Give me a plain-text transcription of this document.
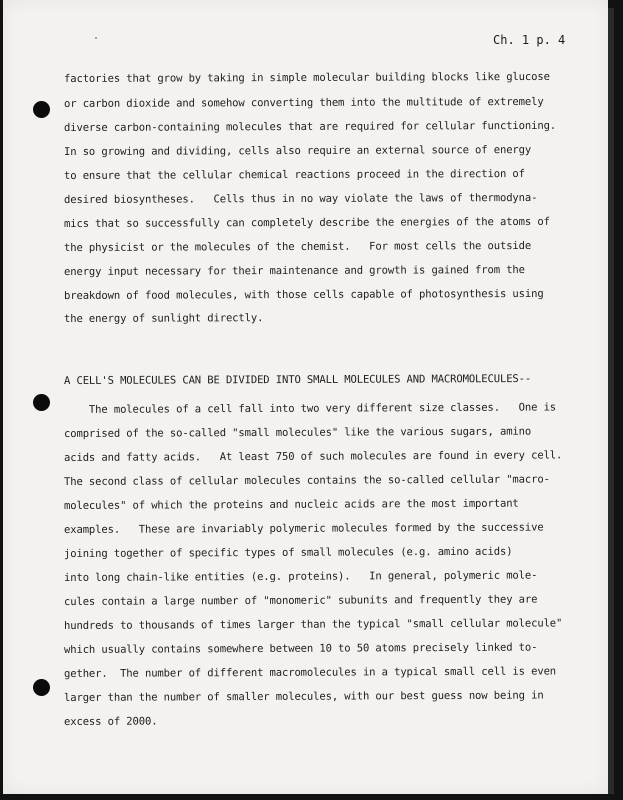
Ch. 1 p. 4
factories that grow by taking in simple molecular building blocks like glucose
or carbon dioxide and somehow converting them into the multitude of extremely
diverse carbon-containing molecules that are required for cellular functioning.
In so growing and dividing, cells also require an external source of energy
to ensure that the cellular chemical reactions proceed in the direction of
desired biosyntheses.   Cells thus in no way violate the laws of thermodyna-
mics that so successfully can completely describe the energies of the atoms of
the physicist or the molecules of the chemist.   For most cells the outside
energy input necessary for their maintenance and growth is gained from the
breakdown of food molecules, with those cells capable of photosynthesis using
the energy of sunlight directly.
A CELL'S MOLECULES CAN BE DIVIDED INTO SMALL MOLECULES AND MACROMOLECULES--
The molecules of a cell fall into two very different size classes.   One is
comprised of the so-called "small molecules" like the various sugars, amino
acids and fatty acids.   At least 750 of such molecules are found in every cell.
The second class of cellular molecules contains the so-called cellular "macro-
molecules" of which the proteins and nucleic acids are the most important
examples.   These are invariably polymeric molecules formed by the successive
joining together of specific types of small molecules (e.g. amino acids)
into long chain-like entities (e.g. proteins).   In general, polymeric mole-
cules contain a large number of "monomeric" subunits and frequently they are
hundreds to thousands of times larger than the typical "small cellular molecule"
which usually contains somewhere between 10 to 50 atoms precisely linked to-
gether.  The number of different macromolecules in a typical small cell is even
larger than the number of smaller molecules, with our best guess now being in
excess of 2000.
